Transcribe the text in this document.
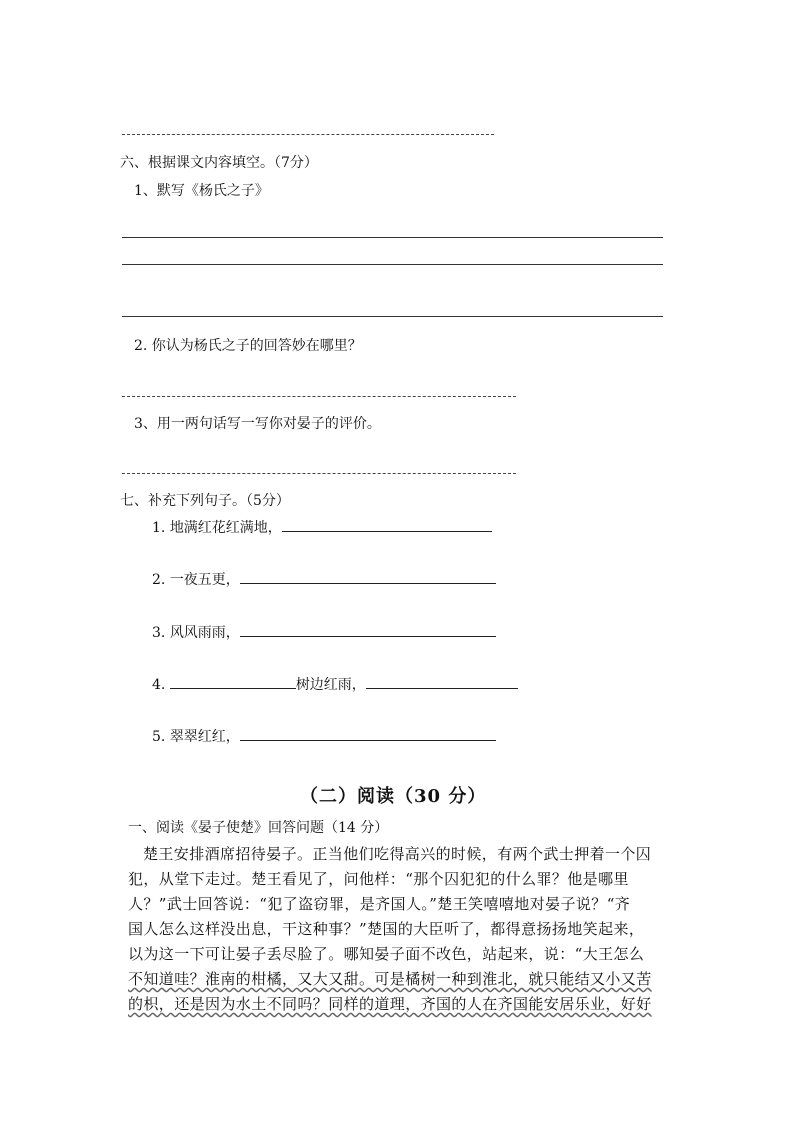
六、根据课文内容填空。（7分）
1、默写《杨氏之子》
2. 你认为杨氏之子的回答妙在哪里？
3、用一两句话写一写你对晏子的评价。
七、补充下列句子。（5分）
1. 地满红花红满地，
2. 一夜五更，
3. 风风雨雨，
4.	树边红雨，
5. 翠翠红红，
（二）阅读（30 分）
一、阅读《晏子使楚》回答问题（14 分）

楚王安排酒席招待晏子。正当他们吃得高兴的时候，有两个武士押着一个囚

犯，从堂下走过。楚王看见了，问他样：“那个囚犯犯的什么罪？他是哪里

人？”武士回答说：“犯了盗窃罪，是齐国人。”楚王笑嘻嘻地对晏子说？“齐

国人怎么这样没出息，干这种事？”楚国的大臣听了，都得意扬扬地笑起来，

以为这一下可让晏子丢尽脸了。哪知晏子面不改色，站起来，说：“大王怎么

不知道哇？淮南的柑橘，又大又甜。可是橘树一种到淮北，就只能结又小又苦

的枳，还是因为水土不同吗？同样的道理，齐国的人在齐国能安居乐业，好好
